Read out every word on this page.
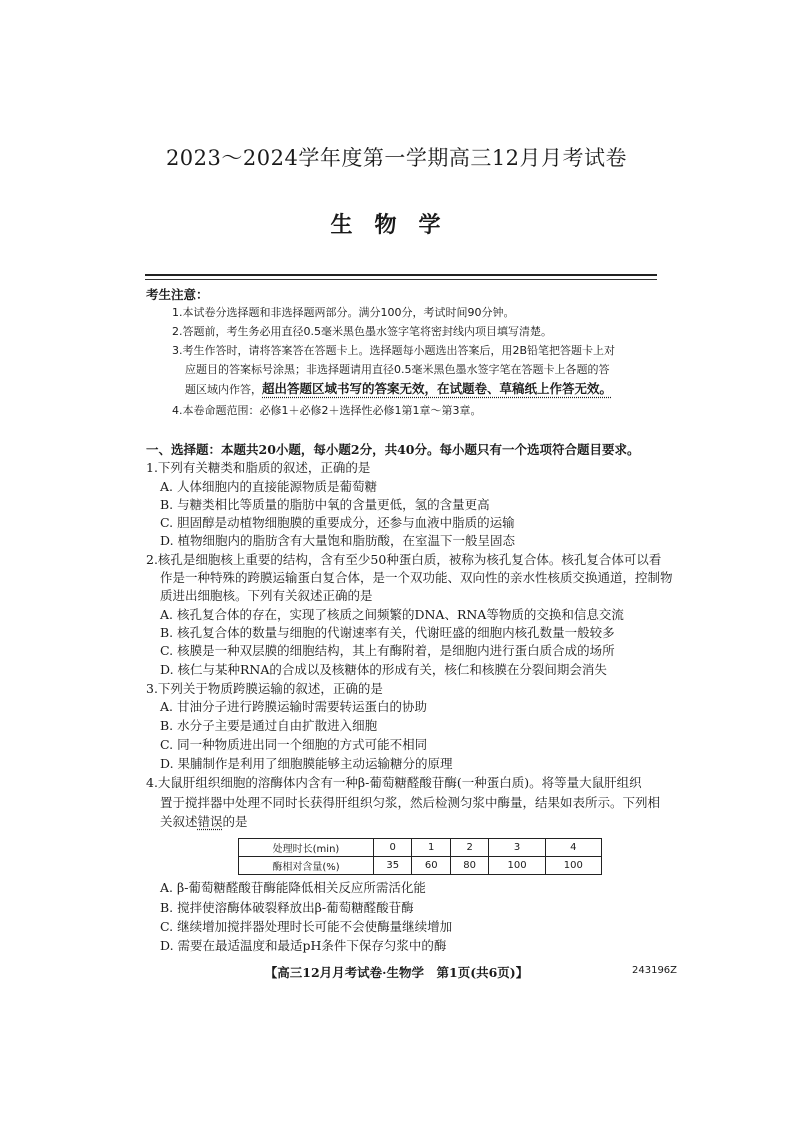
2023～2024学年度第一学期高三12月月考试卷
生物学
考生注意：
1.本试卷分选择题和非选择题两部分。满分100分，考试时间90分钟。
2.答题前，考生务必用直径0.5毫米黑色墨水签字笔将密封线内项目填写清楚。
3.考生作答时，请将答案答在答题卡上。选择题每小题选出答案后，用2B铅笔把答题卡上对
应题目的答案标号涂黑；非选择题请用直径0.5毫米黑色墨水签字笔在答题卡上各题的答
题区域内作答，超出答题区域书写的答案无效，在试题卷、草稿纸上作答无效。
4.本卷命题范围：必修1＋必修2＋选择性必修1第1章～第3章。
一、选择题：本题共20小题，每小题2分，共40分。每小题只有一个选项符合题目要求。
1.下列有关糖类和脂质的叙述，正确的是
A. 人体细胞内的直接能源物质是葡萄糖
B. 与糖类相比等质量的脂肪中氧的含量更低，氢的含量更高
C. 胆固醇是动植物细胞膜的重要成分，还参与血液中脂质的运输
D. 植物细胞内的脂肪含有大量饱和脂肪酸，在室温下一般呈固态
2.核孔是细胞核上重要的结构，含有至少50种蛋白质，被称为核孔复合体。核孔复合体可以看
作是一种特殊的跨膜运输蛋白复合体，是一个双功能、双向性的亲水性核质交换通道，控制物
质进出细胞核。下列有关叙述正确的是
A. 核孔复合体的存在，实现了核质之间频繁的DNA、RNA等物质的交换和信息交流
B. 核孔复合体的数量与细胞的代谢速率有关，代谢旺盛的细胞内核孔数量一般较多
C. 核膜是一种双层膜的细胞结构，其上有酶附着，是细胞内进行蛋白质合成的场所
D. 核仁与某种RNA的合成以及核糖体的形成有关，核仁和核膜在分裂间期会消失
3.下列关于物质跨膜运输的叙述，正确的是
A. 甘油分子进行跨膜运输时需要转运蛋白的协助
B. 水分子主要是通过自由扩散进入细胞
C. 同一种物质进出同一个细胞的方式可能不相同
D. 果脯制作是利用了细胞膜能够主动运输糖分的原理
4.大鼠肝组织细胞的溶酶体内含有一种β-葡萄糖醛酸苷酶(一种蛋白质)。将等量大鼠肝组织
置于搅拌器中处理不同时长获得肝组织匀浆，然后检测匀浆中酶量，结果如表所示。下列相
关叙述错误的是
处理时长(min)	0	1	2	3	4
酶相对含量(%)	35	60	80	100	100
A. β-葡萄糖醛酸苷酶能降低相关反应所需活化能
B. 搅拌使溶酶体破裂释放出β-葡萄糖醛酸苷酶
C. 继续增加搅拌器处理时长可能不会使酶量继续增加
D. 需要在最适温度和最适pH条件下保存匀浆中的酶
【高三12月月考试卷·生物学　第1页(共6页)】	243196Z
